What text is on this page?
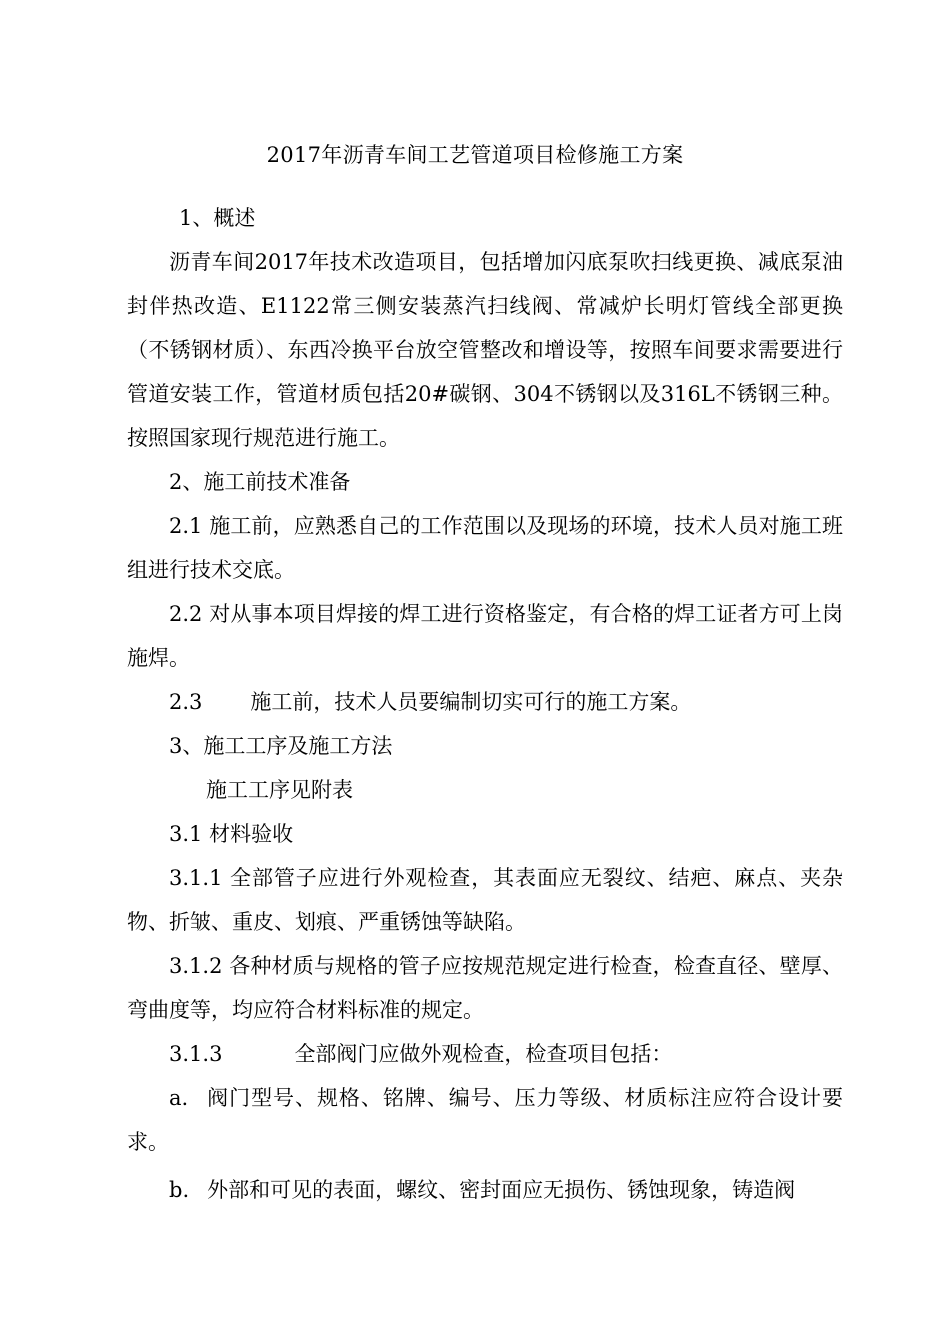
2017年沥青车间工艺管道项目检修施工方案

1、概述

沥青车间2017年技术改造项目，包括增加闪底泵吹扫线更换、减底泵油封伴热改造、E1122常三侧安装蒸汽扫线阀、常减炉长明灯管线全部更换（不锈钢材质）、东西冷换平台放空管整改和增设等，按照车间要求需要进行管道安装工作，管道材质包括20#碳钢、304不锈钢以及316L不锈钢三种。按照国家现行规范进行施工。

2、施工前技术准备

2.1 施工前，应熟悉自己的工作范围以及现场的环境，技术人员对施工班组进行技术交底。

2.2 对从事本项目焊接的焊工进行资格鉴定，有合格的焊工证者方可上岗施焊。

2.3 施工前，技术人员要编制切实可行的施工方案。

3、施工工序及施工方法

施工工序见附表

3.1 材料验收

3.1.1 全部管子应进行外观检查，其表面应无裂纹、结疤、麻点、夹杂物、折皱、重皮、划痕、严重锈蚀等缺陷。

3.1.2 各种材质与规格的管子应按规范规定进行检查，检查直径、壁厚、弯曲度等，均应符合材料标准的规定。

3.1.3	全部阀门应做外观检查，检查项目包括：

a. 阀门型号、规格、铭牌、编号、压力等级、材质标注应符合设计要求。

b. 外部和可见的表面，螺纹、密封面应无损伤、锈蚀现象，铸造阀
